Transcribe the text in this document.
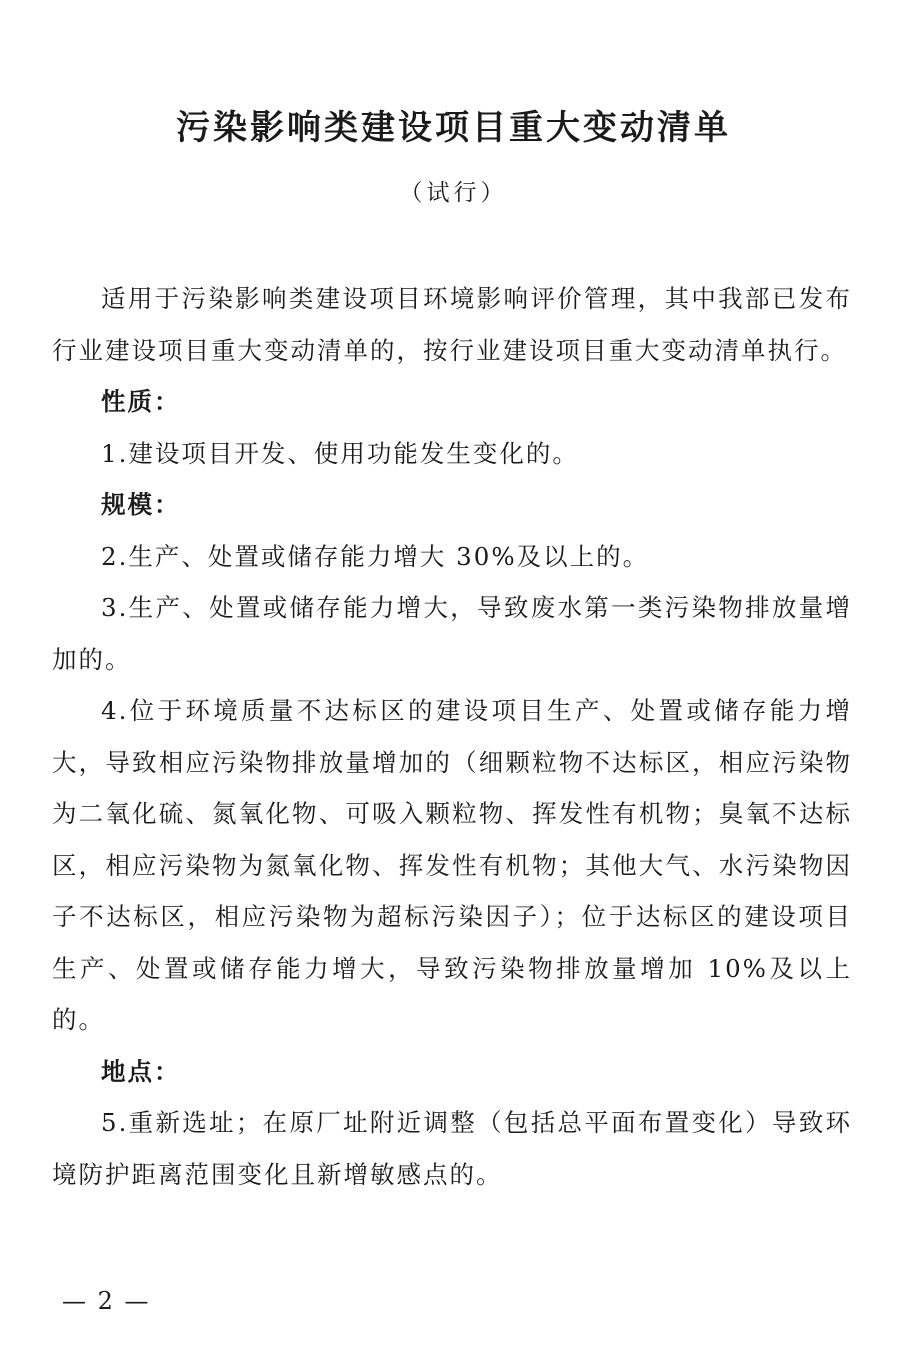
污染影响类建设项目重大变动清单
（试行）

适用于污染影响类建设项目环境影响评价管理，其中我部已发布行业建设项目重大变动清单的，按行业建设项目重大变动清单执行。

性质：

1.建设项目开发、使用功能发生变化的。

规模：

2.生产、处置或储存能力增大 30%及以上的。

3.生产、处置或储存能力增大，导致废水第一类污染物排放量增加的。

4.位于环境质量不达标区的建设项目生产、处置或储存能力增大，导致相应污染物排放量增加的（细颗粒物不达标区，相应污染物为二氧化硫、氮氧化物、可吸入颗粒物、挥发性有机物；臭氧不达标区，相应污染物为氮氧化物、挥发性有机物；其他大气、水污染物因子不达标区，相应污染物为超标污染因子）；位于达标区的建设项目生产、处置或储存能力增大，导致污染物排放量增加 10%及以上的。

地点：

5.重新选址；在原厂址附近调整（包括总平面布置变化）导致环境防护距离范围变化且新增敏感点的。

— 2 —
